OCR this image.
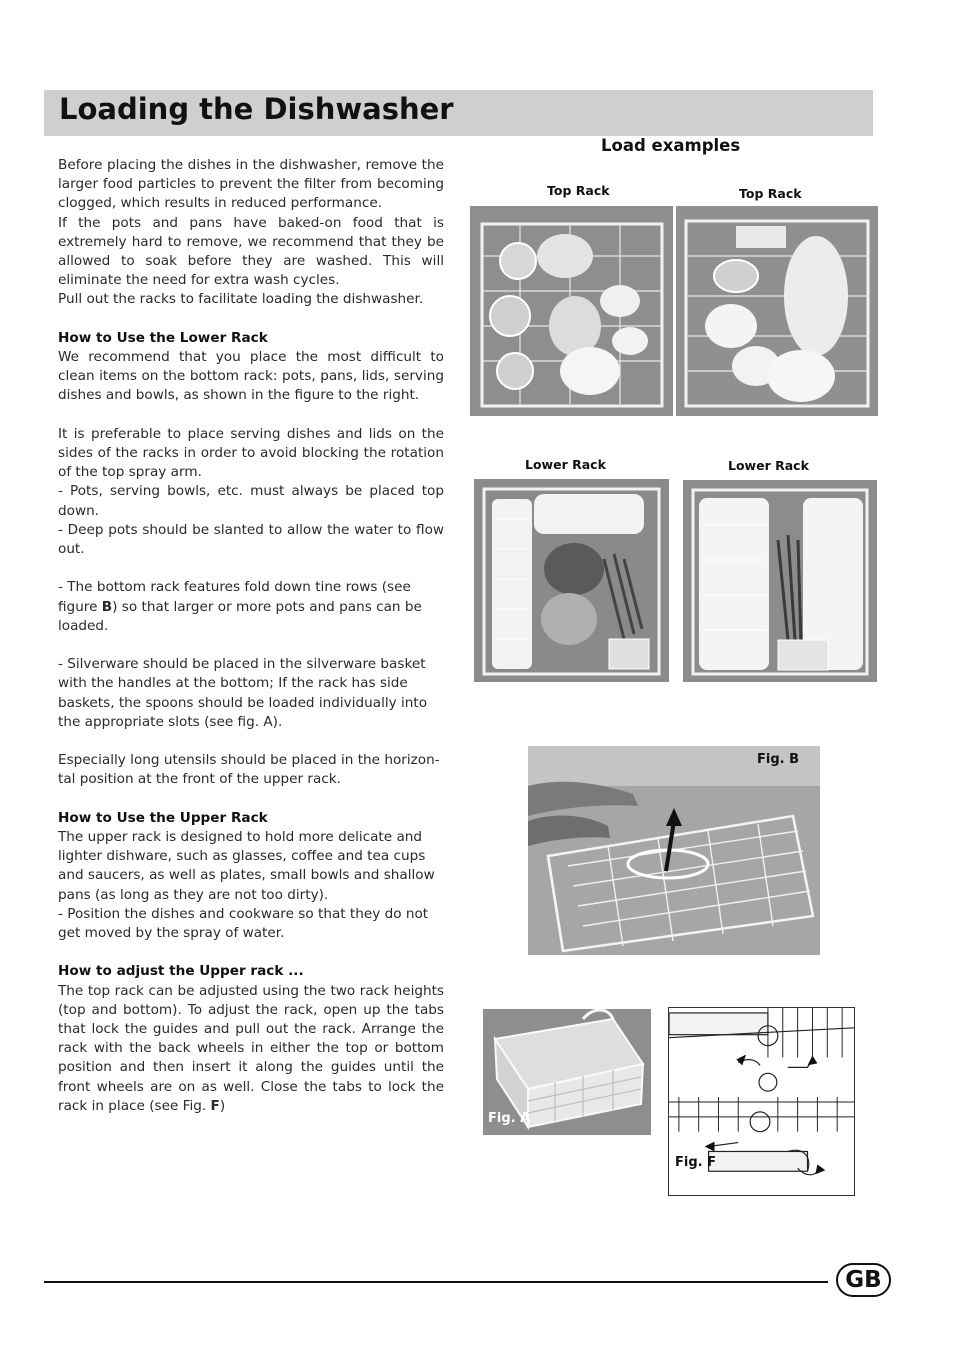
Loading the Dishwasher

Before placing the dishes in the dishwasher, remove the larger food particles to prevent the filter from becoming clogged, which results in reduced performance.

If the pots and pans have baked-on food that is extremely hard to remove, we recommend that they be allowed to soak before they are washed. This will eliminate the need for extra wash cycles.

Pull out the racks to facilitate loading the dishwasher.

How to Use the Lower Rack

We recommend that you place the most difficult to clean items on the bottom rack: pots, pans, lids, serving dishes and bowls, as shown in the figure to the right.

It is preferable to place serving dishes and lids on the sides of the racks in order to avoid blocking the rotation of the top spray arm.

- Pots, serving bowls, etc. must always be placed top down.

- Deep pots should be slanted to allow the water to flow out.

- The bottom rack features fold down tine rows (see figure B) so that larger or more pots and pans can be loaded.

- Silverware should be placed in the silverware basket with the handles at the bottom; If the rack has side baskets, the spoons should be loaded individually into the appropriate slots (see fig. A).

Especially long utensils should be placed in the horizon-tal position at the front of the upper rack.

How to Use the Upper Rack

The upper rack is designed to hold more delicate and lighter dishware, such as glasses, coffee and tea cups and saucers, as well as plates, small bowls and shallow pans (as long as they are not too dirty).

- Position the dishes and cookware so that they do not get moved by the spray of water.

How to adjust the Upper rack ...

The top rack can be adjusted using the two rack heights (top and bottom). To adjust the rack, open up the tabs that lock the guides and pull out the rack. Arrange the rack with the back wheels in either the top or bottom position and then insert it along the guides until the front wheels are on as well. Close the tabs to lock the rack in place (see Fig. F)

Load examples
Top Rack	Top Rack
Lower Rack	Lower Rack
Fig. B
Fig. A
Fig. F
GB
